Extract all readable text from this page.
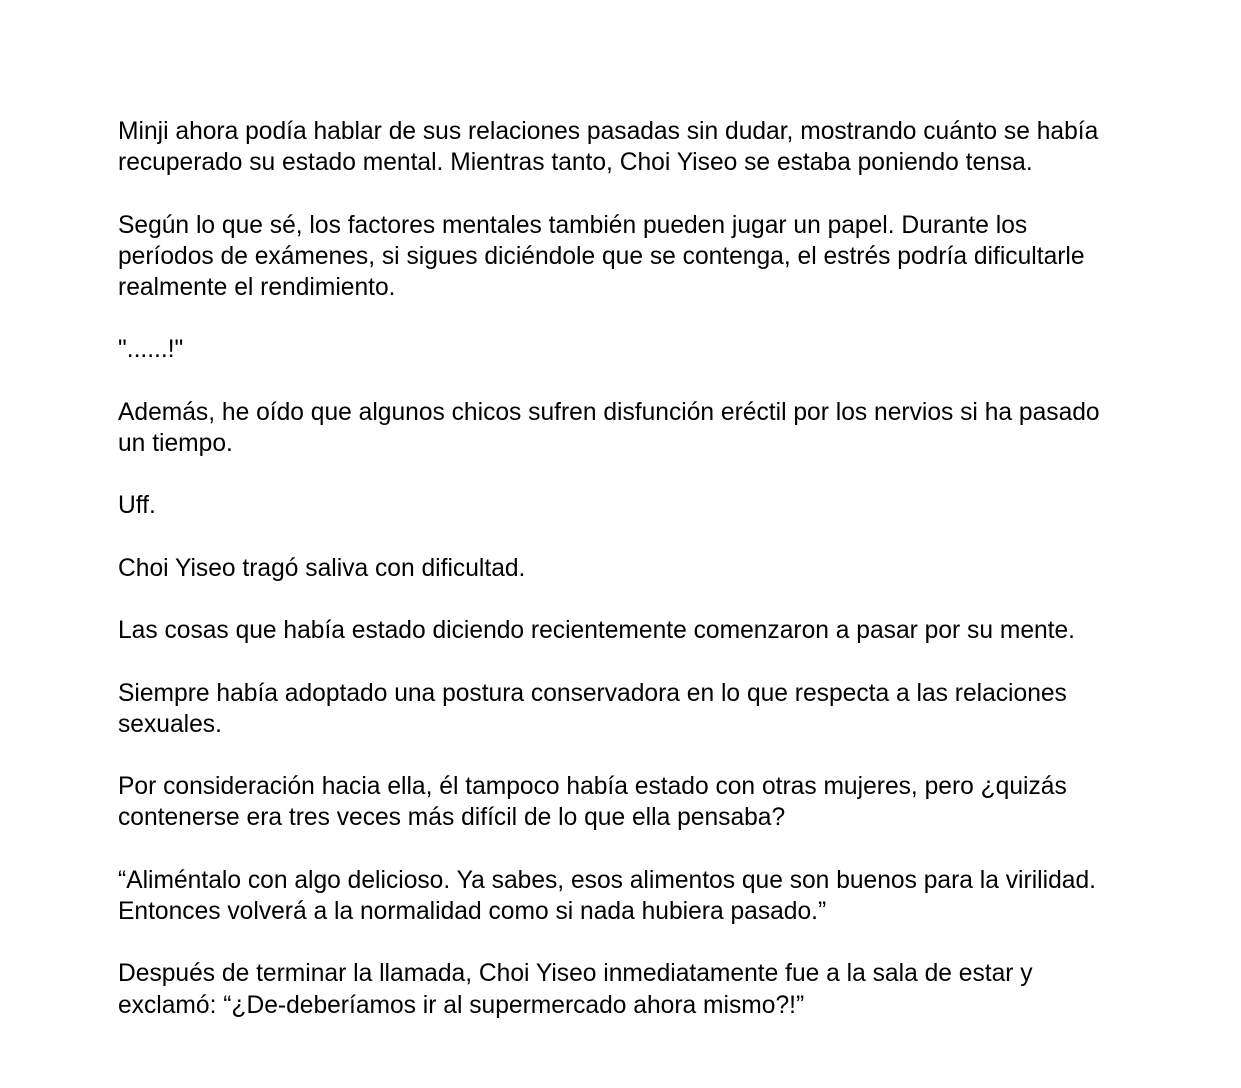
Minji ahora podía hablar de sus relaciones pasadas sin dudar, mostrando cuánto se había recuperado su estado mental. Mientras tanto, Choi Yiseo se estaba poniendo tensa.

Según lo que sé, los factores mentales también pueden jugar un papel. Durante los períodos de exámenes, si sigues diciéndole que se contenga, el estrés podría dificultarle realmente el rendimiento.

"......!"

Además, he oído que algunos chicos sufren disfunción eréctil por los nervios si ha pasado un tiempo.

Uff.

Choi Yiseo tragó saliva con dificultad.

Las cosas que había estado diciendo recientemente comenzaron a pasar por su mente.

Siempre había adoptado una postura conservadora en lo que respecta a las relaciones sexuales.

Por consideración hacia ella, él tampoco había estado con otras mujeres, pero ¿quizás contenerse era tres veces más difícil de lo que ella pensaba?

“Aliméntalo con algo delicioso. Ya sabes, esos alimentos que son buenos para la virilidad. Entonces volverá a la normalidad como si nada hubiera pasado.”

Después de terminar la llamada, Choi Yiseo inmediatamente fue a la sala de estar y exclamó: “¿De-deberíamos ir al supermercado ahora mismo?!”
